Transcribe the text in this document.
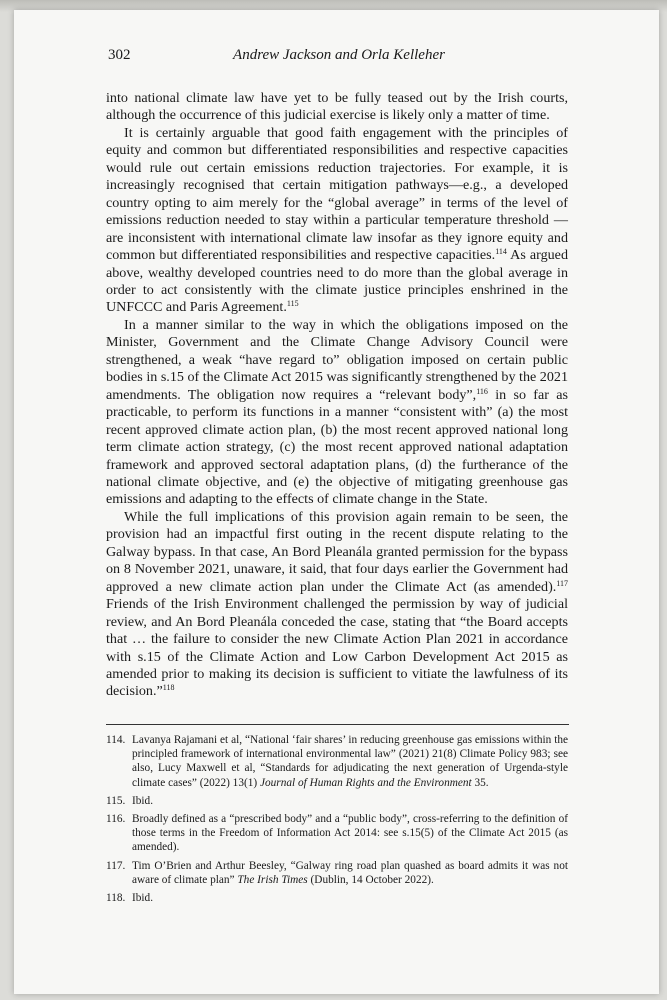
302	Andrew Jackson and Orla Kelleher

into national climate law have yet to be fully teased out by the Irish courts, although the occurrence of this judicial exercise is likely only a matter of time.

It is certainly arguable that good faith engagement with the principles of equity and common but differentiated responsibilities and respective capacities would rule out certain emissions reduction trajectories. For example, it is increasingly recognised that certain mitigation pathways—e.g., a developed country opting to aim merely for the “global average” in terms of the level of emissions reduction needed to stay within a particular temperature threshold —are inconsistent with international climate law insofar as they ignore equity and common but differentiated responsibilities and respective capacities.$^{114}$ As argued above, wealthy developed countries need to do more than the global average in order to act consistently with the climate justice principles enshrined in the UNFCCC and Paris Agreement.$^{115}$

In a manner similar to the way in which the obligations imposed on the Minister, Government and the Climate Change Advisory Council were strengthened, a weak “have regard to” obligation imposed on certain public bodies in s.15 of the Climate Act 2015 was significantly strengthened by the 2021 amendments. The obligation now requires a “relevant body”,$^{116}$ in so far as practicable, to perform its functions in a manner “consistent with” (a) the most recent approved climate action plan, (b) the most recent approved national long term climate action strategy, (c) the most recent approved national adaptation framework and approved sectoral adaptation plans, (d) the furtherance of the national climate objective, and (e) the objective of mitigating greenhouse gas emissions and adapting to the effects of climate change in the State.

While the full implications of this provision again remain to be seen, the provision had an impactful first outing in the recent dispute relating to the Galway bypass. In that case, An Bord Pleanála granted permission for the bypass on 8 November 2021, unaware, it said, that four days earlier the Government had approved a new climate action plan under the Climate Act (as amended).$^{117}$ Friends of the Irish Environment challenged the permission by way of judicial review, and An Bord Pleanála conceded the case, stating that “the Board accepts that … the failure to consider the new Climate Action Plan 2021 in accordance with s.15 of the Climate Action and Low Carbon Development Act 2015 as amended prior to making its decision is sufficient to vitiate the lawfulness of its decision.”$^{118}$

114. Lavanya Rajamani et al, “National ‘fair shares’ in reducing greenhouse gas emissions within the principled framework of international environmental law” (2021) 21(8) Climate Policy 983; see also, Lucy Maxwell et al, “Standards for adjudicating the next generation of Urgenda-style climate cases” (2022) 13(1) Journal of Human Rights and the Environment 35.
115. Ibid.
116. Broadly defined as a “prescribed body” and a “public body”, cross-referring to the definition of those terms in the Freedom of Information Act 2014: see s.15(5) of the Climate Act 2015 (as amended).
117. Tim O’Brien and Arthur Beesley, “Galway ring road plan quashed as board admits it was not aware of climate plan” The Irish Times (Dublin, 14 October 2022).
118. Ibid.
